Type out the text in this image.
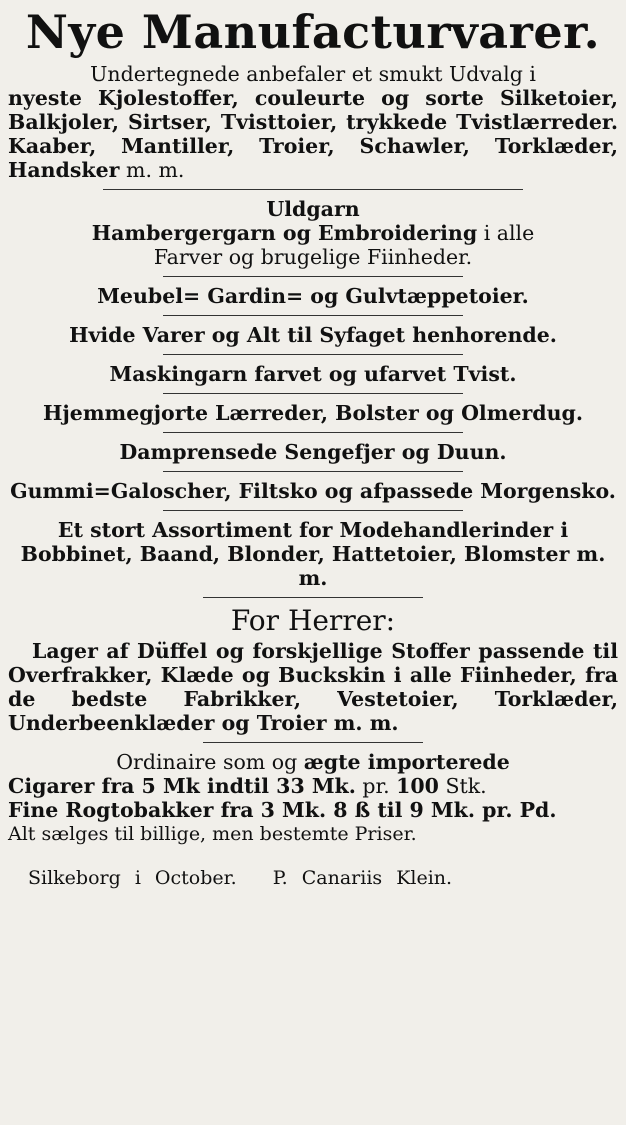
Nye Manufacturvarer.

Undertegnede anbefaler et smukt Udvalg i
nyeste Kjolestoffer, couleurte og sorte Silketoier, Balkjoler, Sirtser, Tvisttoier, trykkede Tvistlærreder. Kaaber, Mantiller, Troier, Schawler, Torklæder, Handsker m. m.

Uldgarn

Hambergergarn og Embroidering i alle

Farver og brugelige Fiinheder.

Meubel= Gardin= og Gulvtæppetoier.

Hvide Varer og Alt til Syfaget henhorende.

Maskingarn farvet og ufarvet Tvist.

Hjemmegjorte Lærreder, Bolster og Olmerdug.

Damprensede Sengefjer og Duun.

Gummi=Galoscher, Filtsko og afpassede Morgensko.

Et stort Assortiment for Modehandlerinder i Bobbinet, Baand, Blonder, Hattetoier, Blomster m. m.

For Herrer:

Lager af Düffel og forskjellige Stoffer passende til Overfrakker, Klæde og Buckskin i alle Fiinheder, fra de bedste Fabrikker, Vestetoier, Torklæder, Underbeenklæder og Troier m. m.

Ordinaire som og ægte importerede

Cigarer fra 5 Mk indtil 33 Mk. pr. 100 Stk.

Fine Rogtobakker fra 3 Mk. 8 ß til 9 Mk. pr. Pd.

Alt sælges til billige, men bestemte Priser.

Silkeborg i October. P. Canariis Klein.
